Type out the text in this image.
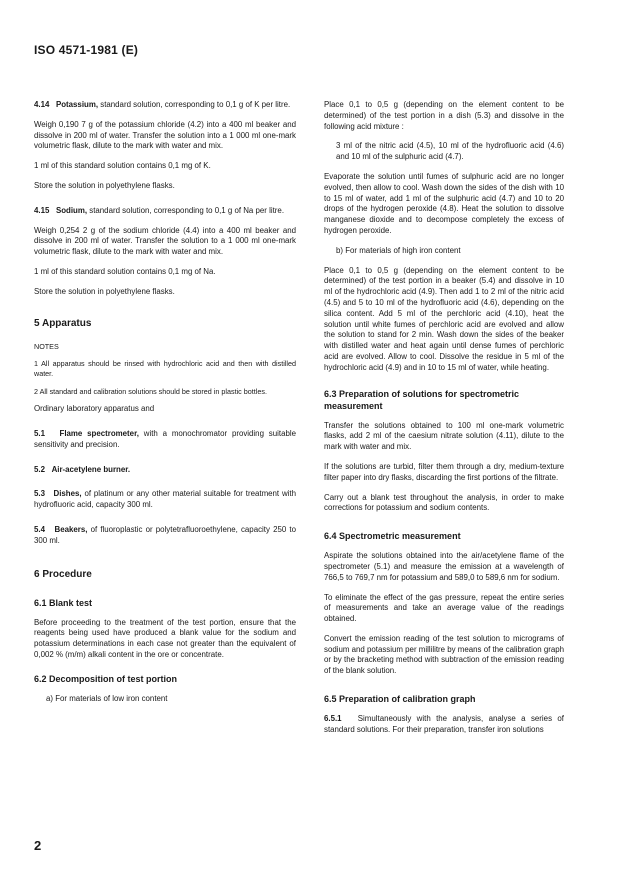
ISO 4571-1981 (E)

4.14 Potassium, standard solution, corresponding to 0,1 g of K per litre.

Weigh 0,190 7 g of the potassium chloride (4.2) into a 400 ml beaker and dissolve in 200 ml of water. Transfer the solution into a 1 000 ml one-mark volumetric flask, dilute to the mark with water and mix.

1 ml of this standard solution contains 0,1 mg of K.

Store the solution in polyethylene flasks.

4.15 Sodium, standard solution, corresponding to 0,1 g of Na per litre.

Weigh 0,254 2 g of the sodium chloride (4.4) into a 400 ml beaker and dissolve in 200 ml of water. Transfer the solution to a 1 000 ml one-mark volumetric flask, dilute to the mark with water and mix.

1 ml of this standard solution contains 0,1 mg of Na.

Store the solution in polyethylene flasks.

5 Apparatus
NOTES

1 All apparatus should be rinsed with hydrochloric acid and then with distilled water.

2 All standard and calibration solutions should be stored in plastic bottles.

Ordinary laboratory apparatus and

5.1 Flame spectrometer, with a monochromator providing suitable sensitivity and precision.

5.2 Air-acetylene burner.

5.3 Dishes, of platinum or any other material suitable for treatment with hydrofluoric acid, capacity 300 ml.

5.4 Beakers, of fluoroplastic or polytetrafluoroethylene, capacity 250 to 300 ml.

6 Procedure
6.1 Blank test

Before proceeding to the treatment of the test portion, ensure that the reagents being used have produced a blank value for the sodium and potassium determinations in each case not greater than the equivalent of 0,002 % (m/m) alkali content in the ore or concentrate.

6.2 Decomposition of test portion

a) For materials of low iron content

Place 0,1 to 0,5 g (depending on the element content to be determined) of the test portion in a dish (5.3) and dissolve in the following acid mixture :

3 ml of the nitric acid (4.5), 10 ml of the hydrofluoric acid (4.6) and 10 ml of the sulphuric acid (4.7).

Evaporate the solution until fumes of sulphuric acid are no longer evolved, then allow to cool. Wash down the sides of the dish with 10 to 15 ml of water, add 1 ml of the sulphuric acid (4.7) and 10 to 20 drops of the hydrogen peroxide (4.8). Heat the solution to dissolve manganese dioxide and to decompose completely the excess of hydrogen peroxide.

b) For materials of high iron content

Place 0,1 to 0,5 g (depending on the element content to be determined) of the test portion in a beaker (5.4) and dissolve in 10 ml of the hydrochloric acid (4.9). Then add 1 to 2 ml of the nitric acid (4.5) and 5 to 10 ml of the hydrofluoric acid (4.6), depending on the silica content. Add 5 ml of the perchloric acid (4.10), heat the solution until white fumes of perchloric acid are evolved and allow the solution to stand for 2 min. Wash down the sides of the beaker with distilled water and heat again until dense fumes of perchloric acid are evolved. Allow to cool. Dissolve the residue in 5 ml of the hydrochloric acid (4.9) and in 10 to 15 ml of water, while heating.

6.3 Preparation of solutions for spectrometric measurement

Transfer the solutions obtained to 100 ml one-mark volumetric flasks, add 2 ml of the caesium nitrate solution (4.11), dilute to the mark with water and mix.

If the solutions are turbid, filter them through a dry, medium-texture filter paper into dry flasks, discarding the first portions of the filtrate.

Carry out a blank test throughout the analysis, in order to make corrections for potassium and sodium contents.

6.4 Spectrometric measurement

Aspirate the solutions obtained into the air/acetylene flame of the spectrometer (5.1) and measure the emission at a wavelength of 766,5 to 769,7 nm for potassium and 589,0 to 589,6 nm for sodium.

To eliminate the effect of the gas pressure, repeat the entire series of measurements and take an average value of the readings obtained.

Convert the emission reading of the test solution to micrograms of sodium and potassium per millilitre by means of the calibration graph or by the bracketing method with subtraction of the emission reading of the blank solution.

6.5 Preparation of calibration graph

6.5.1 Simultaneously with the analysis, analyse a series of standard solutions. For their preparation, transfer iron solutions

2
